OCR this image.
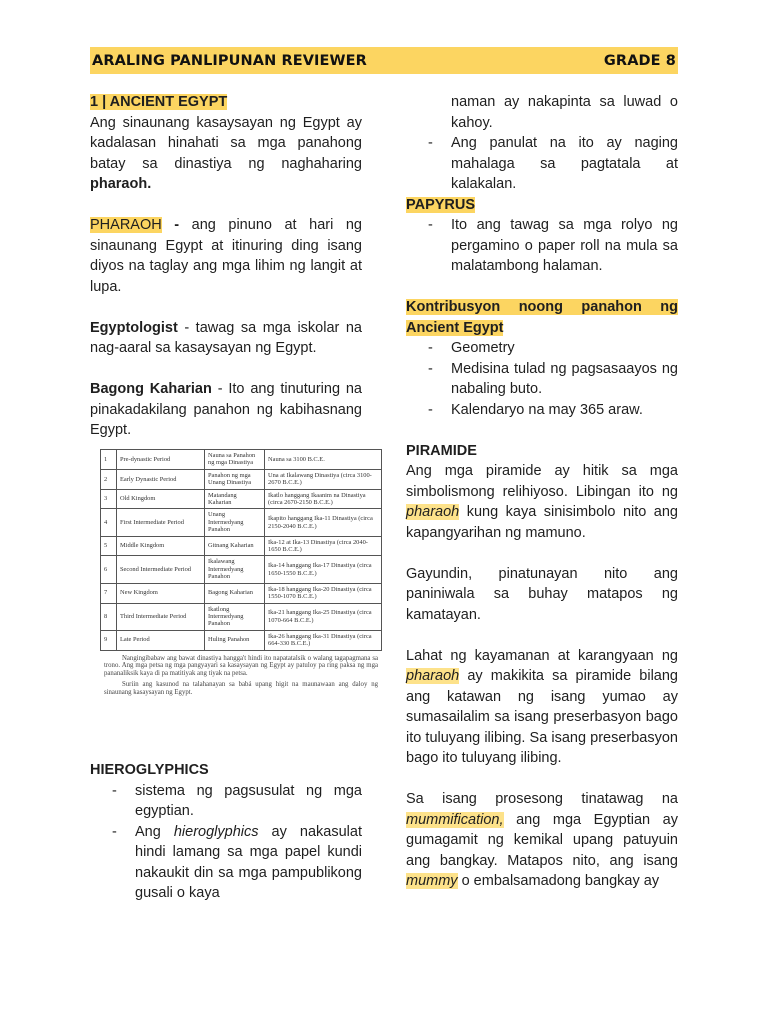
ARALING PANLIPUNAN REVIEWER	GRADE 8
1 | ANCIENT EGYPT

Ang sinaunang kasaysayan ng Egypt ay kadalasan hinahati sa mga panahong batay sa dinastiya ng naghaharing pharaoh.

PHARAOH - ang pinuno at hari ng sinaunang Egypt at itinuring ding isang diyos na taglay ang mga lihim ng langit at lupa.

Egyptologist - tawag sa mga iskolar na nag-aaral sa kasaysayan ng Egypt.

Bagong Kaharian - Ito ang tinuturing na pinakadakilang panahon ng kabihasnang Egypt.

1	Pre-dynastic Period	Nauna sa Panahon ng mga Dinastiya	Nauna sa 3100 B.C.E.
2	Early Dynastic Period	Panahon ng mga Unang Dinastiya	Una at Ikalawang Dinastiya (circa 3100-2670 B.C.E.)
3	Old Kingdom	Matandang Kaharian	Ikatlo hanggang Ikaanim na Dinastiya (circa 2670-2150 B.C.E.)
4	First Intermediate Period	Unang Intermedyang Panahon	Ikapito hanggang Ika-11 Dinastiya (circa 2150-2040 B.C.E.)
5	Middle Kingdom	Gitnang Kaharian	Ika-12 at Ika-13 Dinastiya (circa 2040-1650 B.C.E.)
6	Second Intermediate Period	Ikalawang Intermedyang Panahon	Ika-14 hanggang Ika-17 Dinastiya (circa 1650-1550 B.C.E.)
7	New Kingdom	Bagong Kaharian	Ika-18 hanggang Ika-20 Dinastiya (circa 1550-1070 B.C.E.)
8	Third Intermediate Period	Ikatlong Intermedyang Panahon	Ika-21 hanggang Ika-25 Dinastiya (circa 1070-664 B.C.E.)
9	Late Period	Huling Panahon	Ika-26 hanggang Ika-31 Dinastiya (circa 664-330 B.C.E.)

Nangingibabaw ang bawat dinastiya hangga't hindi ito napatatalsik o walang tagapagmana sa trono. Ang mga petsa ng mga pangyayari sa kasaysayan ng Egypt ay patuloy pa ring paksa ng mga pananaliksik kaya di pa matitiyak ang tiyak na petsa.

Suriin ang kasunod na talahanayan sa babá upang higit na maunawaan ang daloy ng sinaunang kasaysayan ng Egypt.

HIEROGLYPHICS
- sistema ng pagsusulat ng mga egyptian.
- Ang hieroglyphics ay nakasulat hindi lamang sa mga papel kundi nakaukit din sa mga pampublikong gusali o kaya

naman ay nakapinta sa luwad o kahoy.

- Ang panulat na ito ay naging mahalaga sa pagtatala at kalakalan.
PAPYRUS
- Ito ang tawag sa mga rolyo ng pergamino o paper roll na mula sa malatambong halaman.
Kontribusyon noong panahon ng
Ancient Egypt
- Geometry
- Medisina tulad ng pagsasaayos ng nabaling buto.
- Kalendaryo na may 365 araw.
PIRAMIDE

Ang mga piramide ay hitik sa mga simbolismong relihiyoso. Libingan ito ng pharaoh kung kaya sinisimbolo nito ang kapangyarihan ng mamuno.

Gayundin, pinatunayan nito ang paniniwala sa buhay matapos ng kamatayan.

Lahat ng kayamanan at karangyaan ng pharaoh ay makikita sa piramide bilang ang katawan ng isang yumao ay sumasailalim sa isang preserbasyon bago ito tuluyang ilibing. Sa isang preserbasyon bago ito tuluyang ilibing.

Sa isang prosesong tinatawag na mummification, ang mga Egyptian ay gumagamit ng kemikal upang patuyuin ang bangkay. Matapos nito, ang isang mummy o embalsamadong bangkay ay
